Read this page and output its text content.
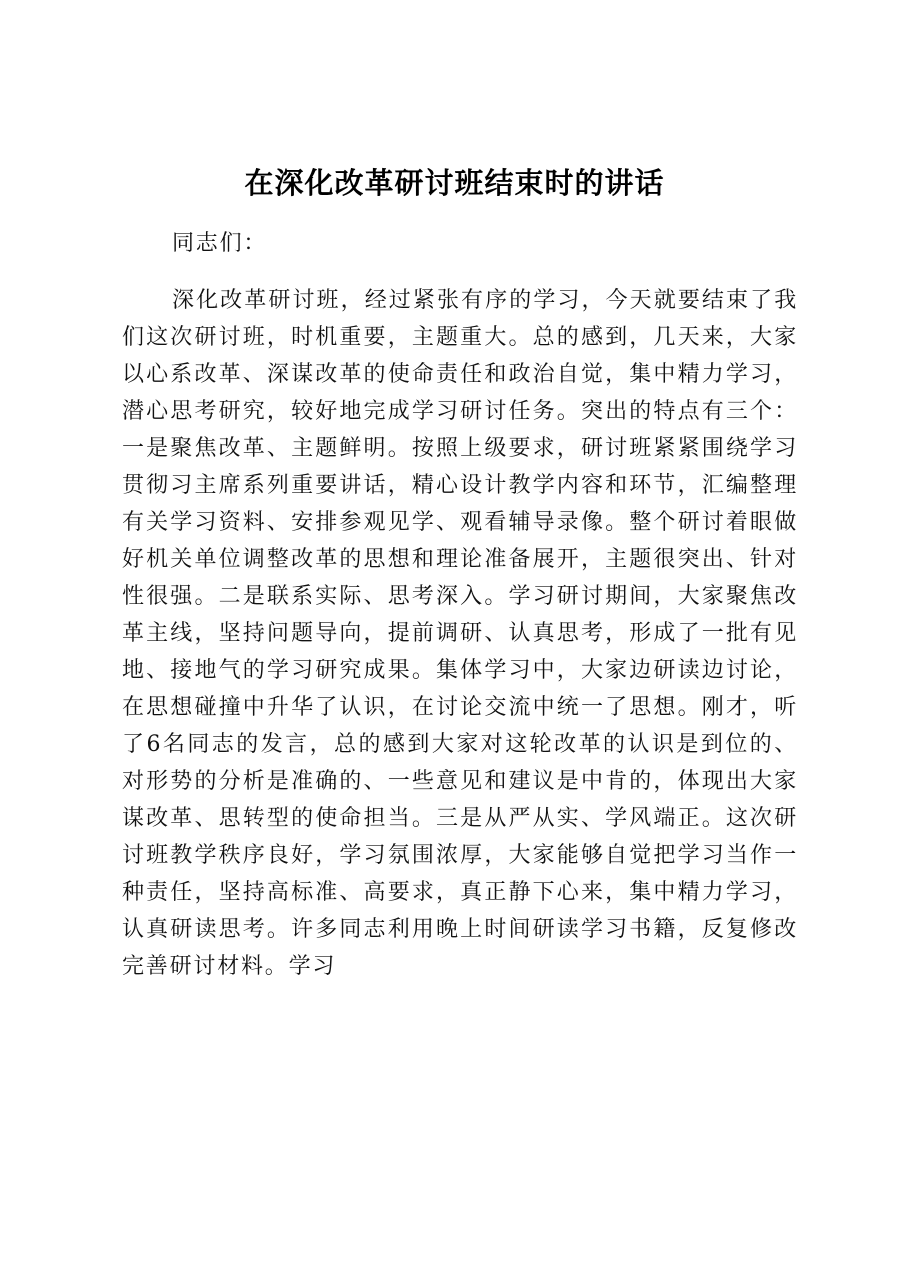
在深化改革研讨班结束时的讲话

同志们：

深化改革研讨班，经过紧张有序的学习，今天就要结束了我们这次研讨班，时机重要，主题重大。总的感到，几天来，大家以心系改革、深谋改革的使命责任和政治自觉，集中精力学习，潜心思考研究，较好地完成学习研讨任务。突出的特点有三个：一是聚焦改革、主题鲜明。按照上级要求，研讨班紧紧围绕学习贯彻习主席系列重要讲话，精心设计教学内容和环节，汇编整理有关学习资料、安排参观见学、观看辅导录像。整个研讨着眼做好机关单位调整改革的思想和理论准备展开，主题很突出、针对性很强。二是联系实际、思考深入。学习研讨期间，大家聚焦改革主线，坚持问题导向，提前调研、认真思考，形成了一批有见地、接地气的学习研究成果。集体学习中，大家边研读边讨论，在思想碰撞中升华了认识，在讨论交流中统一了思想。刚才，听了6名同志的发言，总的感到大家对这轮改革的认识是到位的、对形势的分析是准确的、一些意见和建议是中肯的，体现出大家谋改革、思转型的使命担当。三是从严从实、学风端正。这次研讨班教学秩序良好，学习氛围浓厚，大家能够自觉把学习当作一种责任，坚持高标准、高要求，真正静下心来，集中精力学习，认真研读思考。许多同志利用晚上时间研读学习书籍，反复修改完善研讨材料。学习
